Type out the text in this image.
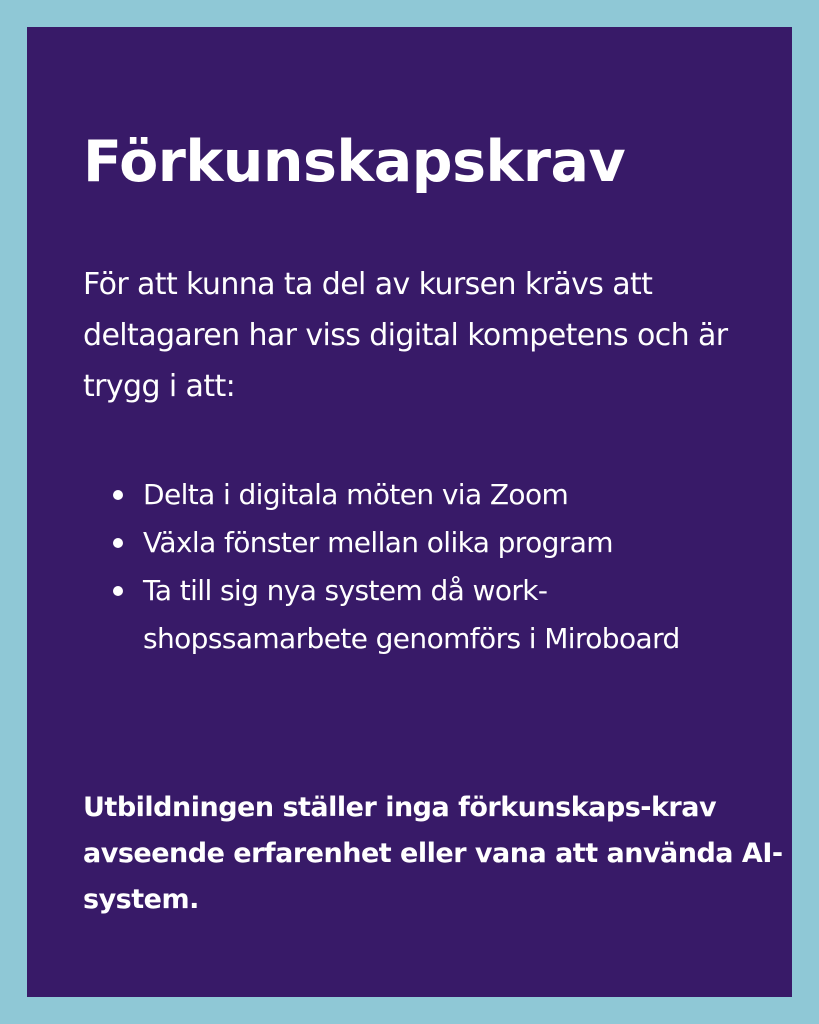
Förkunskapskrav

För att kunna ta del av kursen krävs att deltagaren har viss digital kompetens och är trygg i att:

Delta i digitala möten via Zoom
Växla fönster mellan olika program
Ta till sig nya system då work-shopssamarbete genomförs i Miroboard

Utbildningen ställer inga förkunskaps-krav avseende erfarenhet eller vana att använda AI-system.
